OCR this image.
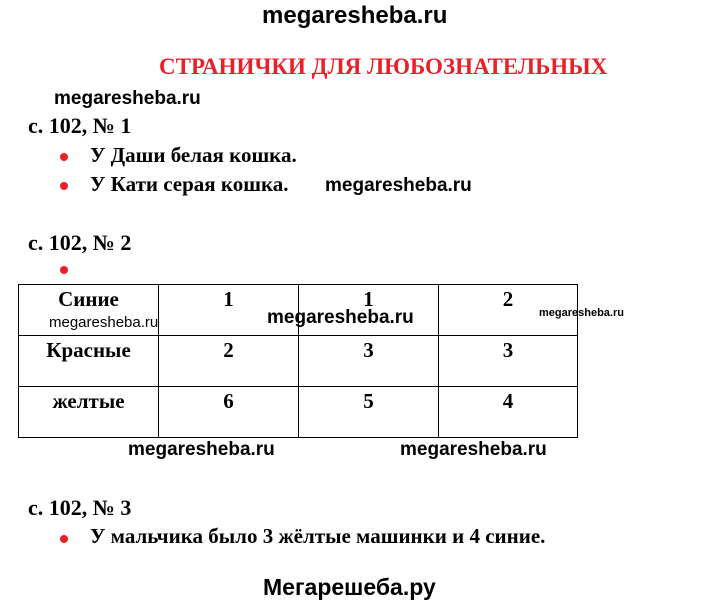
megaresheba.ru
СТРАНИЧКИ ДЛЯ ЛЮБОЗНАТЕЛЬНЫХ
megaresheba.ru
с. 102, № 1
У Даши белая кошка.
У Кати серая кошка. megaresheba.ru
с. 102, № 2
Синие	1	1	2

Красные	2	3	3

желтые	6	5	4
megaresheba.ru	megaresheba.ru	megaresheba.ru
megaresheba.ru	megaresheba.ru
с. 102, № 3
У мальчика было 3 жёлтые машинки и 4 синие.
Мегарешеба.ру
